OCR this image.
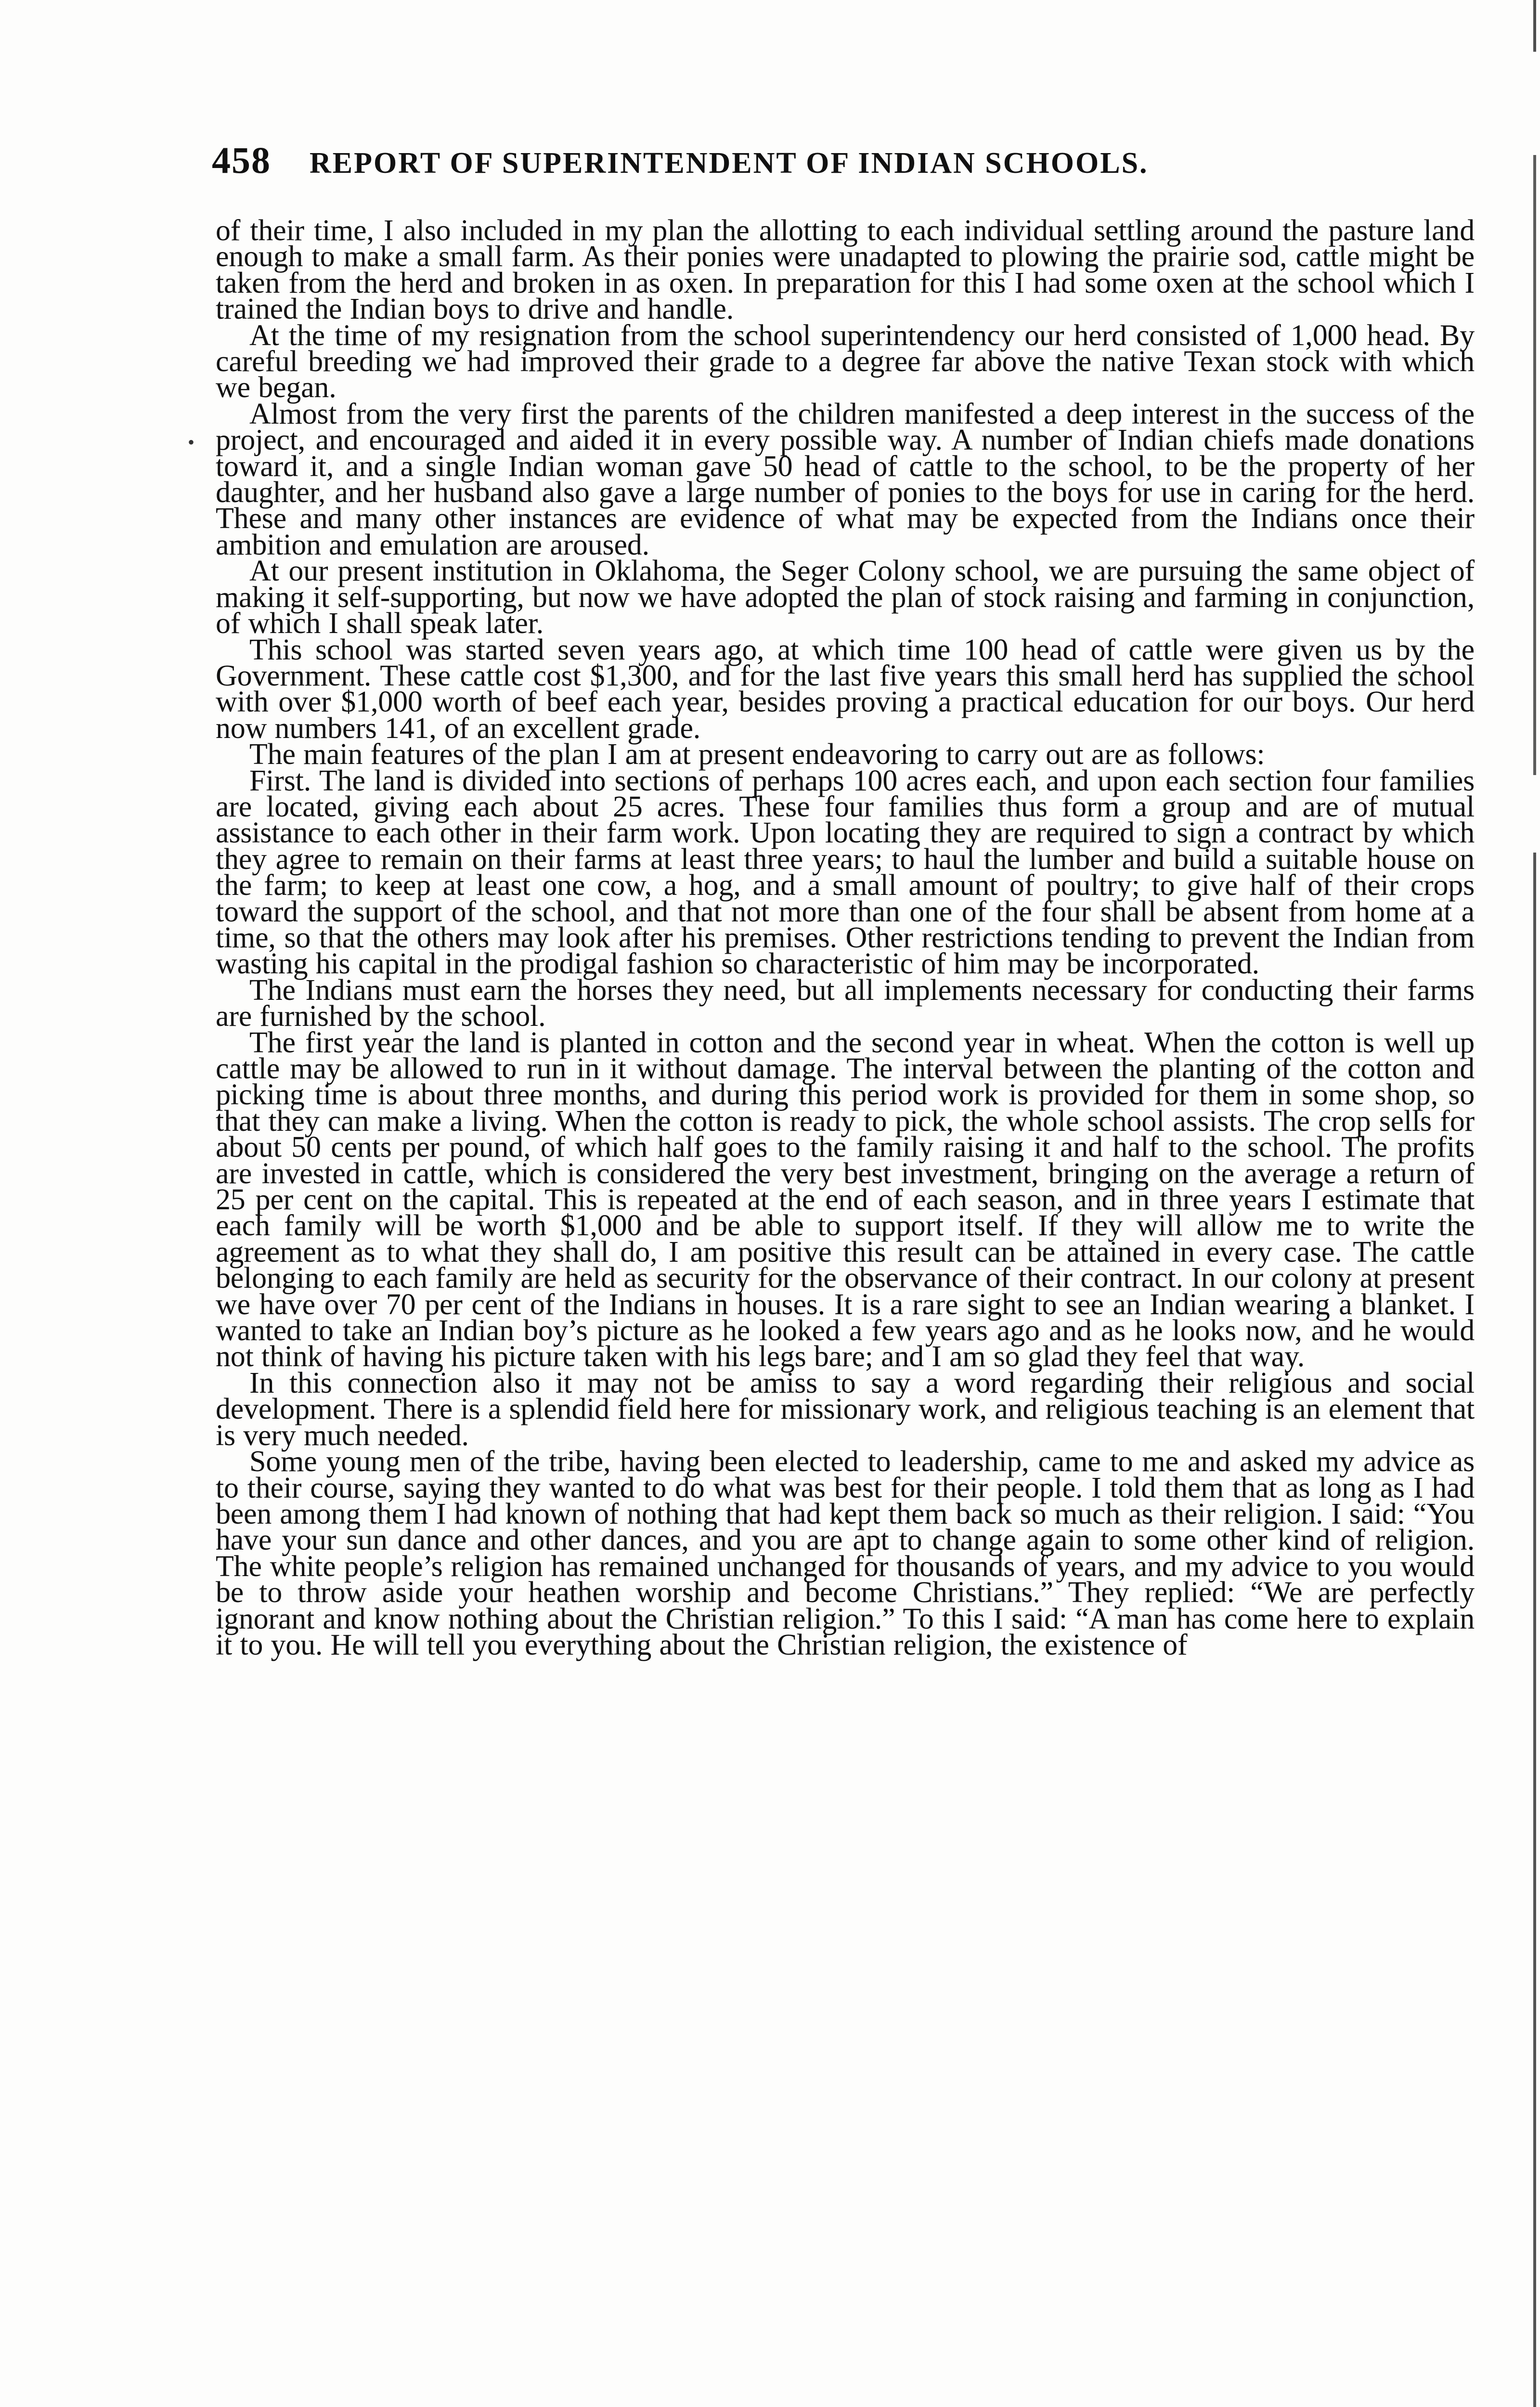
458 REPORT OF SUPERINTENDENT OF INDIAN SCHOOLS.
•

of their time, I also included in my plan the allotting to each individual settling around the pasture land enough to make a small farm. As their ponies were unadapted to plowing the prairie sod, cattle might be taken from the herd and broken in as oxen. In preparation for this I had some oxen at the school which I trained the Indian boys to drive and handle.

At the time of my resignation from the school superintendency our herd consisted of 1,000 head. By careful breeding we had improved their grade to a degree far above the native Texan stock with which we began.

Almost from the very first the parents of the children manifested a deep interest in the success of the project, and encouraged and aided it in every possible way. A number of Indian chiefs made donations toward it, and a single Indian woman gave 50 head of cattle to the school, to be the property of her daughter, and her husband also gave a large number of ponies to the boys for use in caring for the herd. These and many other instances are evidence of what may be expected from the Indians once their ambition and emulation are aroused.

At our present institution in Oklahoma, the Seger Colony school, we are pursuing the same object of making it self-supporting, but now we have adopted the plan of stock raising and farming in conjunction, of which I shall speak later.

This school was started seven years ago, at which time 100 head of cattle were given us by the Government. These cattle cost $1,300, and for the last five years this small herd has supplied the school with over $1,000 worth of beef each year, besides proving a practical education for our boys. Our herd now numbers 141, of an excellent grade.

The main features of the plan I am at present endeavoring to carry out are as follows:

First. The land is divided into sections of perhaps 100 acres each, and upon each section four families are located, giving each about 25 acres. These four families thus form a group and are of mutual assistance to each other in their farm work. Upon locating they are required to sign a contract by which they agree to remain on their farms at least three years; to haul the lumber and build a suitable house on the farm; to keep at least one cow, a hog, and a small amount of poultry; to give half of their crops toward the support of the school, and that not more than one of the four shall be absent from home at a time, so that the others may look after his premises. Other restrictions tending to prevent the Indian from wasting his capital in the prodigal fashion so characteristic of him may be incorporated.

The Indians must earn the horses they need, but all implements necessary for conducting their farms are furnished by the school.

The first year the land is planted in cotton and the second year in wheat. When the cotton is well up cattle may be allowed to run in it without damage. The interval between the planting of the cotton and picking time is about three months, and during this period work is provided for them in some shop, so that they can make a living. When the cotton is ready to pick, the whole school assists. The crop sells for about 50 cents per pound, of which half goes to the family raising it and half to the school. The profits are invested in cattle, which is considered the very best investment, bringing on the average a return of 25 per cent on the capital. This is repeated at the end of each season, and in three years I estimate that each family will be worth $1,000 and be able to support itself. If they will allow me to write the agreement as to what they shall do, I am positive this result can be attained in every case. The cattle belonging to each family are held as security for the observance of their contract. In our colony at present we have over 70 per cent of the Indians in houses. It is a rare sight to see an Indian wearing a blanket. I wanted to take an Indian boy’s picture as he looked a few years ago and as he looks now, and he would not think of having his picture taken with his legs bare; and I am so glad they feel that way.

In this connection also it may not be amiss to say a word regarding their religious and social development. There is a splendid field here for missionary work, and religious teaching is an element that is very much needed.

Some young men of the tribe, having been elected to leadership, came to me and asked my advice as to their course, saying they wanted to do what was best for their people. I told them that as long as I had been among them I had known of nothing that had kept them back so much as their religion. I said: “You have your sun dance and other dances, and you are apt to change again to some other kind of religion. The white people’s religion has remained unchanged for thousands of years, and my advice to you would be to throw aside your heathen worship and become Christians.” They replied: “We are perfectly ignorant and know nothing about the Christian religion.” To this I said: “A man has come here to explain it to you. He will tell you everything about the Christian religion, the existence of
